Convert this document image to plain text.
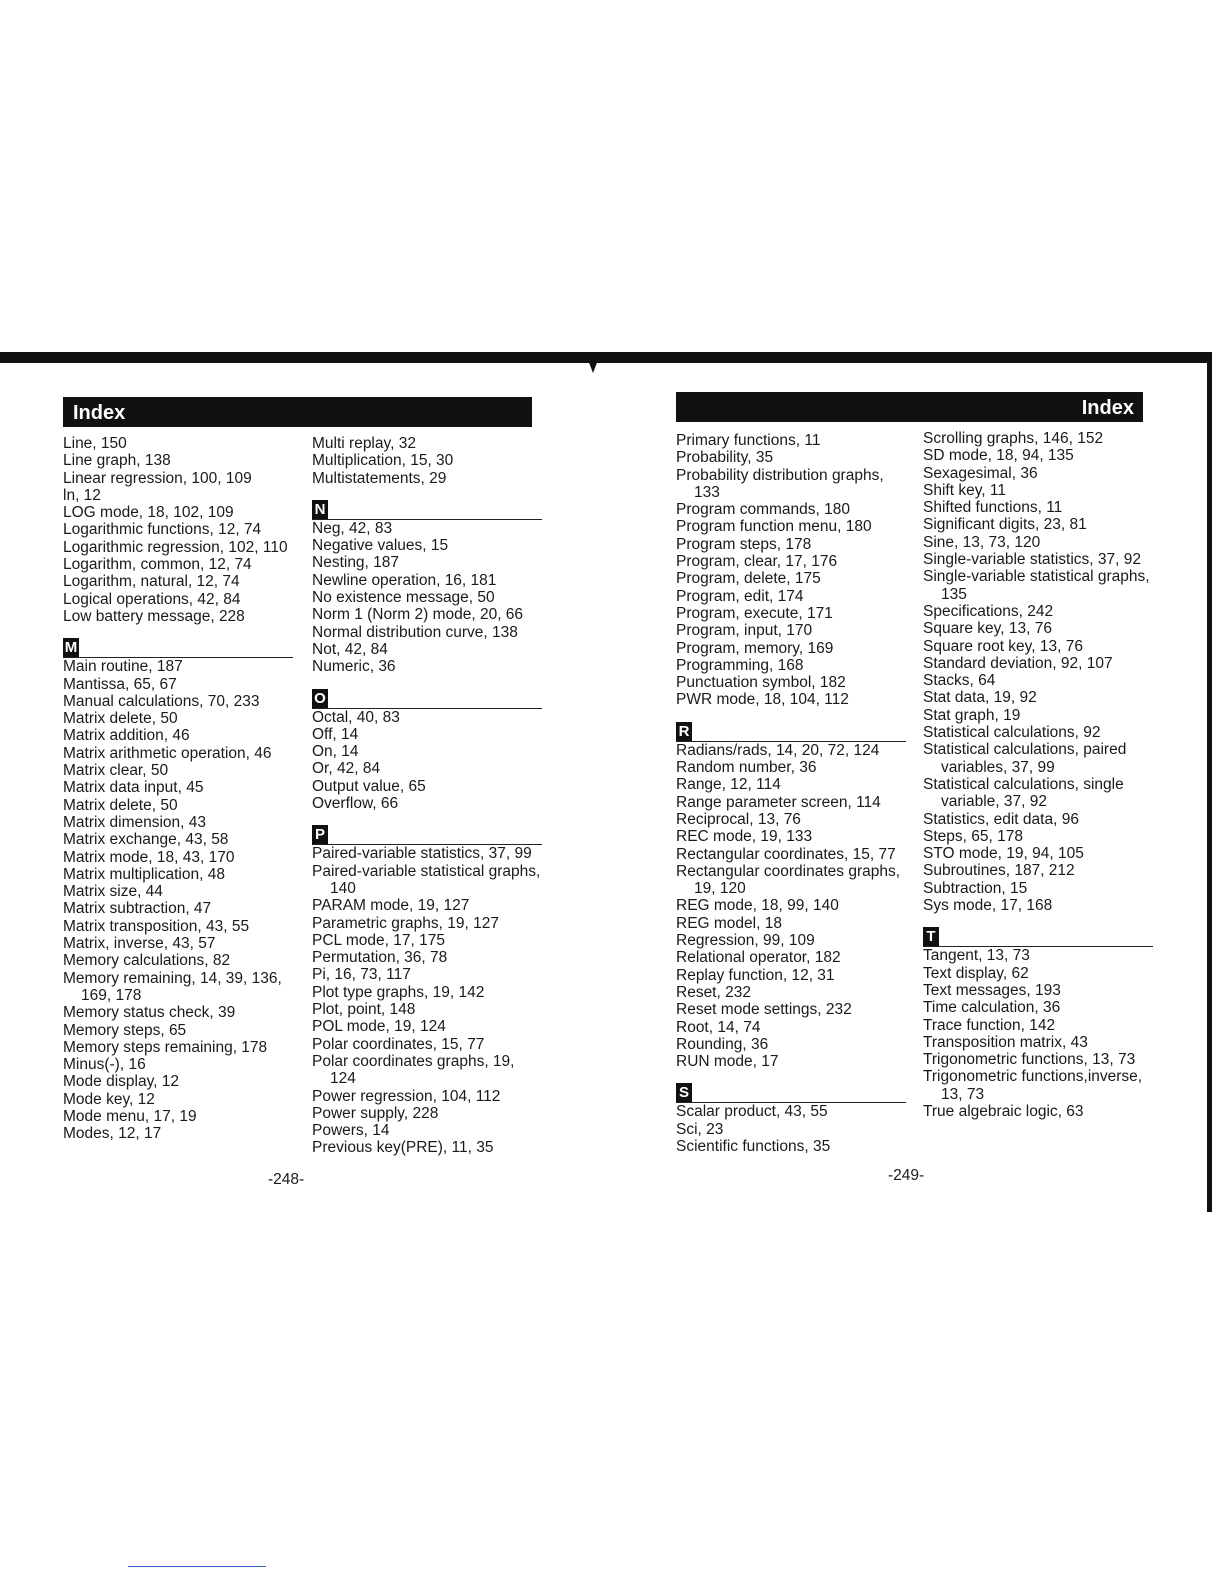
Index	Index
Line, 150
Line graph, 138
Linear regression, 100, 109
ln, 12
LOG mode, 18, 102, 109
Logarithmic functions, 12, 74
Logarithmic regression, 102, 110
Logarithm, common, 12, 74
Logarithm, natural, 12, 74
Logical operations, 42, 84
Low battery message, 228
M
Main routine, 187
Mantissa, 65, 67
Manual calculations, 70, 233
Matrix delete, 50
Matrix addition, 46
Matrix arithmetic operation, 46
Matrix clear, 50
Matrix data input, 45
Matrix delete, 50
Matrix dimension, 43
Matrix exchange, 43, 58
Matrix mode, 18, 43, 170
Matrix multiplication, 48
Matrix size, 44
Matrix subtraction, 47
Matrix transposition, 43, 55
Matrix, inverse, 43, 57
Memory calculations, 82
Memory remaining, 14, 39, 136, 169, 178
Memory status check, 39
Memory steps, 65
Memory steps remaining, 178
Minus(-), 16
Mode display, 12
Mode key, 12
Mode menu, 17, 19
Modes, 12, 17
Multi replay, 32
Multiplication, 15, 30
Multistatements, 29
N
Neg, 42, 83
Negative values, 15
Nesting, 187
Newline operation, 16, 181
No existence message, 50
Norm 1 (Norm 2) mode, 20, 66
Normal distribution curve, 138
Not, 42, 84
Numeric, 36
O
Octal, 40, 83
Off, 14
On, 14
Or, 42, 84
Output value, 65
Overflow, 66
P
Paired-variable statistics, 37, 99
Paired-variable statistical graphs, 140
PARAM mode, 19, 127
Parametric graphs, 19, 127
PCL mode, 17, 175
Permutation, 36, 78
Pi, 16, 73, 117
Plot type graphs, 19, 142
Plot, point, 148
POL mode, 19, 124
Polar coordinates, 15, 77
Polar coordinates graphs, 19, 124
Power regression, 104, 112
Power supply, 228
Powers, 14
Previous key(PRE), 11, 35
Primary functions, 11
Probability, 35
Probability distribution graphs, 133
Program commands, 180
Program function menu, 180
Program steps, 178
Program, clear, 17, 176
Program, delete, 175
Program, edit, 174
Program, execute, 171
Program, input, 170
Program, memory, 169
Programming, 168
Punctuation symbol, 182
PWR mode, 18, 104, 112
R
Radians/rads, 14, 20, 72, 124
Random number, 36
Range, 12, 114
Range parameter screen, 114
Reciprocal, 13, 76
REC mode, 19, 133
Rectangular coordinates, 15, 77
Rectangular coordinates graphs, 19, 120
REG mode, 18, 99, 140
REG model, 18
Regression, 99, 109
Relational operator, 182
Replay function, 12, 31
Reset, 232
Reset mode settings, 232
Root, 14, 74
Rounding, 36
RUN mode, 17
S
Scalar product, 43, 55
Sci, 23
Scientific functions, 35
Scrolling graphs, 146, 152
SD mode, 18, 94, 135
Sexagesimal, 36
Shift key, 11
Shifted functions, 11
Significant digits, 23, 81
Sine, 13, 73, 120
Single-variable statistics, 37, 92
Single-variable statistical graphs, 135
Specifications, 242
Square key, 13, 76
Square root key, 13, 76
Standard deviation, 92, 107
Stacks, 64
Stat data, 19, 92
Stat graph, 19
Statistical calculations, 92
Statistical calculations, paired variables, 37, 99
Statistical calculations, single variable, 37, 92
Statistics, edit data, 96
Steps, 65, 178
STO mode, 19, 94, 105
Subroutines, 187, 212
Subtraction, 15
Sys mode, 17, 168
T
Tangent, 13, 73
Text display, 62
Text messages, 193
Time calculation, 36
Trace function, 142
Transposition matrix, 43
Trigonometric functions, 13, 73
Trigonometric functions,inverse, 13, 73
True algebraic logic, 63
-248-	-249-
